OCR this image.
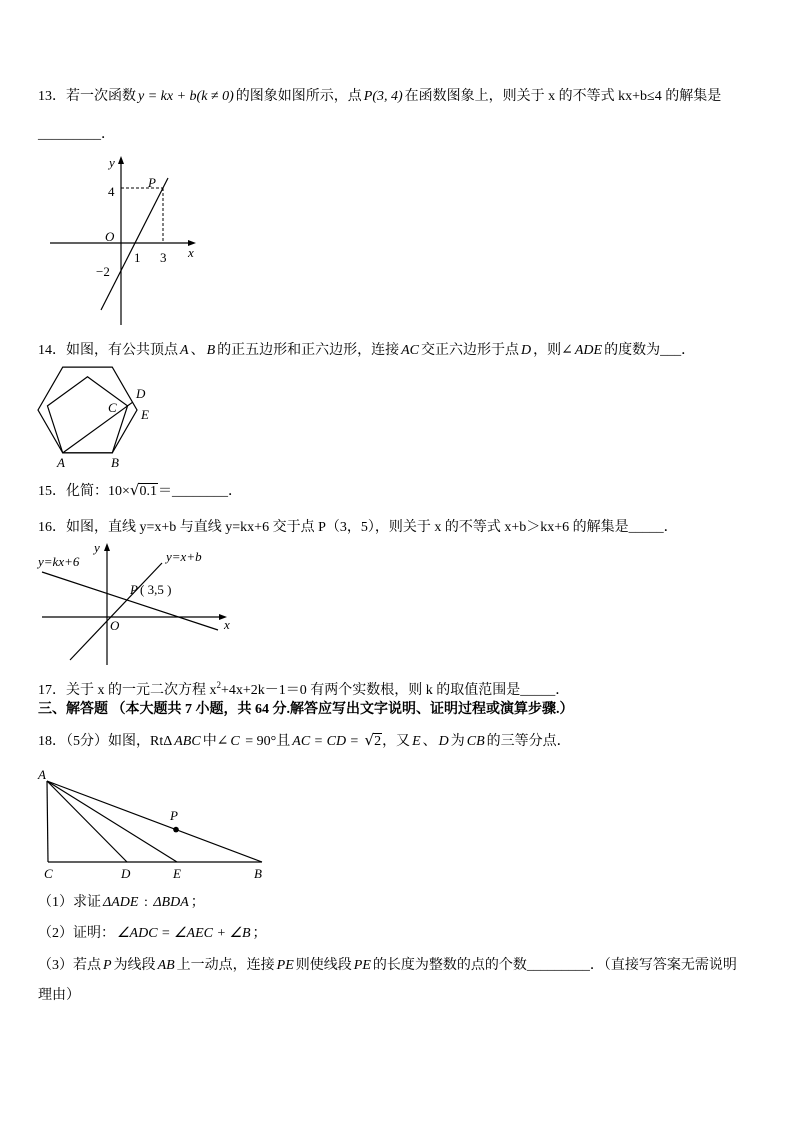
13．若一次函数 y = kx + b(k ≠ 0) 的图象如图所示，点 P(3, 4) 在函数图象上，则关于 x 的不等式 kx+b≤4 的解集是
_________．
y
4
P
O
1 3
−2
x
14．如图，有公共顶点 A 、 B 的正五边形和正六边形，连接 AC 交正六边形于点 D ，则∠ ADE 的度数为___．
D
C E
A	B
15．化简：10×√0.1＝________．
16．如图，直线 y=x+b 与直线 y=kx+6 交于点 P（3，5），则关于 x 的不等式 x+b＞kx+6 的解集是_____．
y=kx+6
y
y=x+b
P ( 3,5 )
O	x
17．关于 x 的一元二次方程 $x^2+4x+2k-1=0$ 有两个实数根，则 k 的取值范围是_____．
三、解答题 （本大题共 7 小题，共 64 分.解答应写出文字说明、证明过程或演算步骤.）
18．（5分）如图，RtΔ ABC 中∠ C = 90°且 AC = CD = √2，又 E 、 D 为 CB 的三等分点．
A
C	D	E	B
P
（1）求证 ΔADE : ΔBDA ；
（2）证明： ∠ADC = ∠AEC + ∠B ；
（3）若点 P 为线段 AB 上一动点，连接 PE 则使线段 PE 的长度为整数的点的个数_________．（直接写答案无需说明
理由）
